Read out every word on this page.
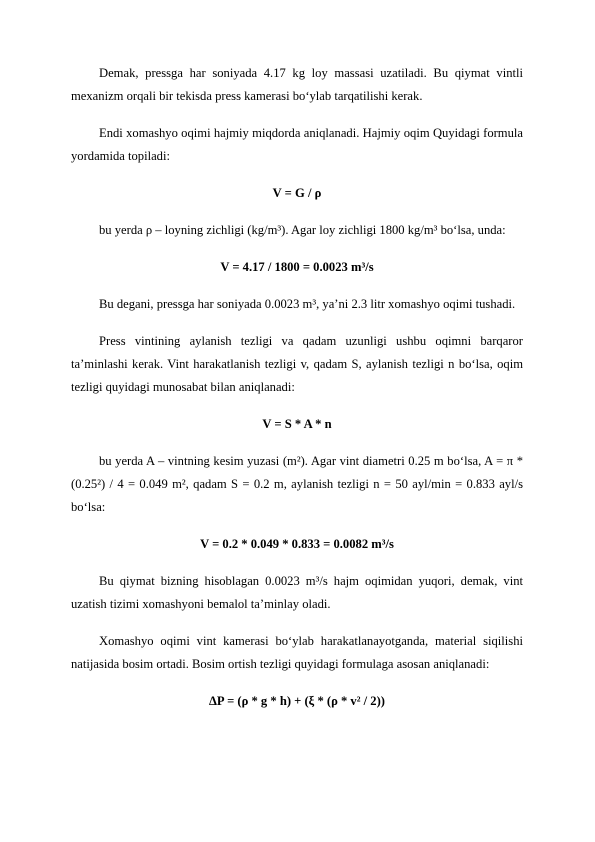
Demak, pressga har soniyada 4.17 kg loy massasi uzatiladi. Bu qiymat vintli mexanizm orqali bir tekisda press kamerasi bo‘ylab tarqatilishi kerak.

Endi xomashyo oqimi hajmiy miqdorda aniqlanadi. Hajmiy oqim Quyidagi formula yordamida topiladi:

V = G / ρ

bu yerda ρ – loyning zichligi (kg/m³). Agar loy zichligi 1800 kg/m³ bo‘lsa, unda:

V = 4.17 / 1800 = 0.0023 m³/s

Bu degani, pressga har soniyada 0.0023 m³, ya’ni 2.3 litr xomashyo oqimi tushadi.

Press vintining aylanish tezligi va qadam uzunligi ushbu oqimni barqaror ta’minlashi kerak. Vint harakatlanish tezligi v, qadam S, aylanish tezligi n bo‘lsa, oqim tezligi quyidagi munosabat bilan aniqlanadi:

V = S * A * n

bu yerda A – vintning kesim yuzasi (m²). Agar vint diametri 0.25 m bo‘lsa, A = π * (0.25²) / 4 = 0.049 m², qadam S = 0.2 m, aylanish tezligi n = 50 ayl/min = 0.833 ayl/s bo‘lsa:

V = 0.2 * 0.049 * 0.833 = 0.0082 m³/s

Bu qiymat bizning hisoblagan 0.0023 m³/s hajm oqimidan yuqori, demak, vint uzatish tizimi xomashyoni bemalol ta’minlay oladi.

Xomashyo oqimi vint kamerasi bo‘ylab harakatlanayotganda, material siqilishi natijasida bosim ortadi. Bosim ortish tezligi quyidagi formulaga asosan aniqlanadi:

ΔP = (ρ * g * h) + (ξ * (ρ * v² / 2))
